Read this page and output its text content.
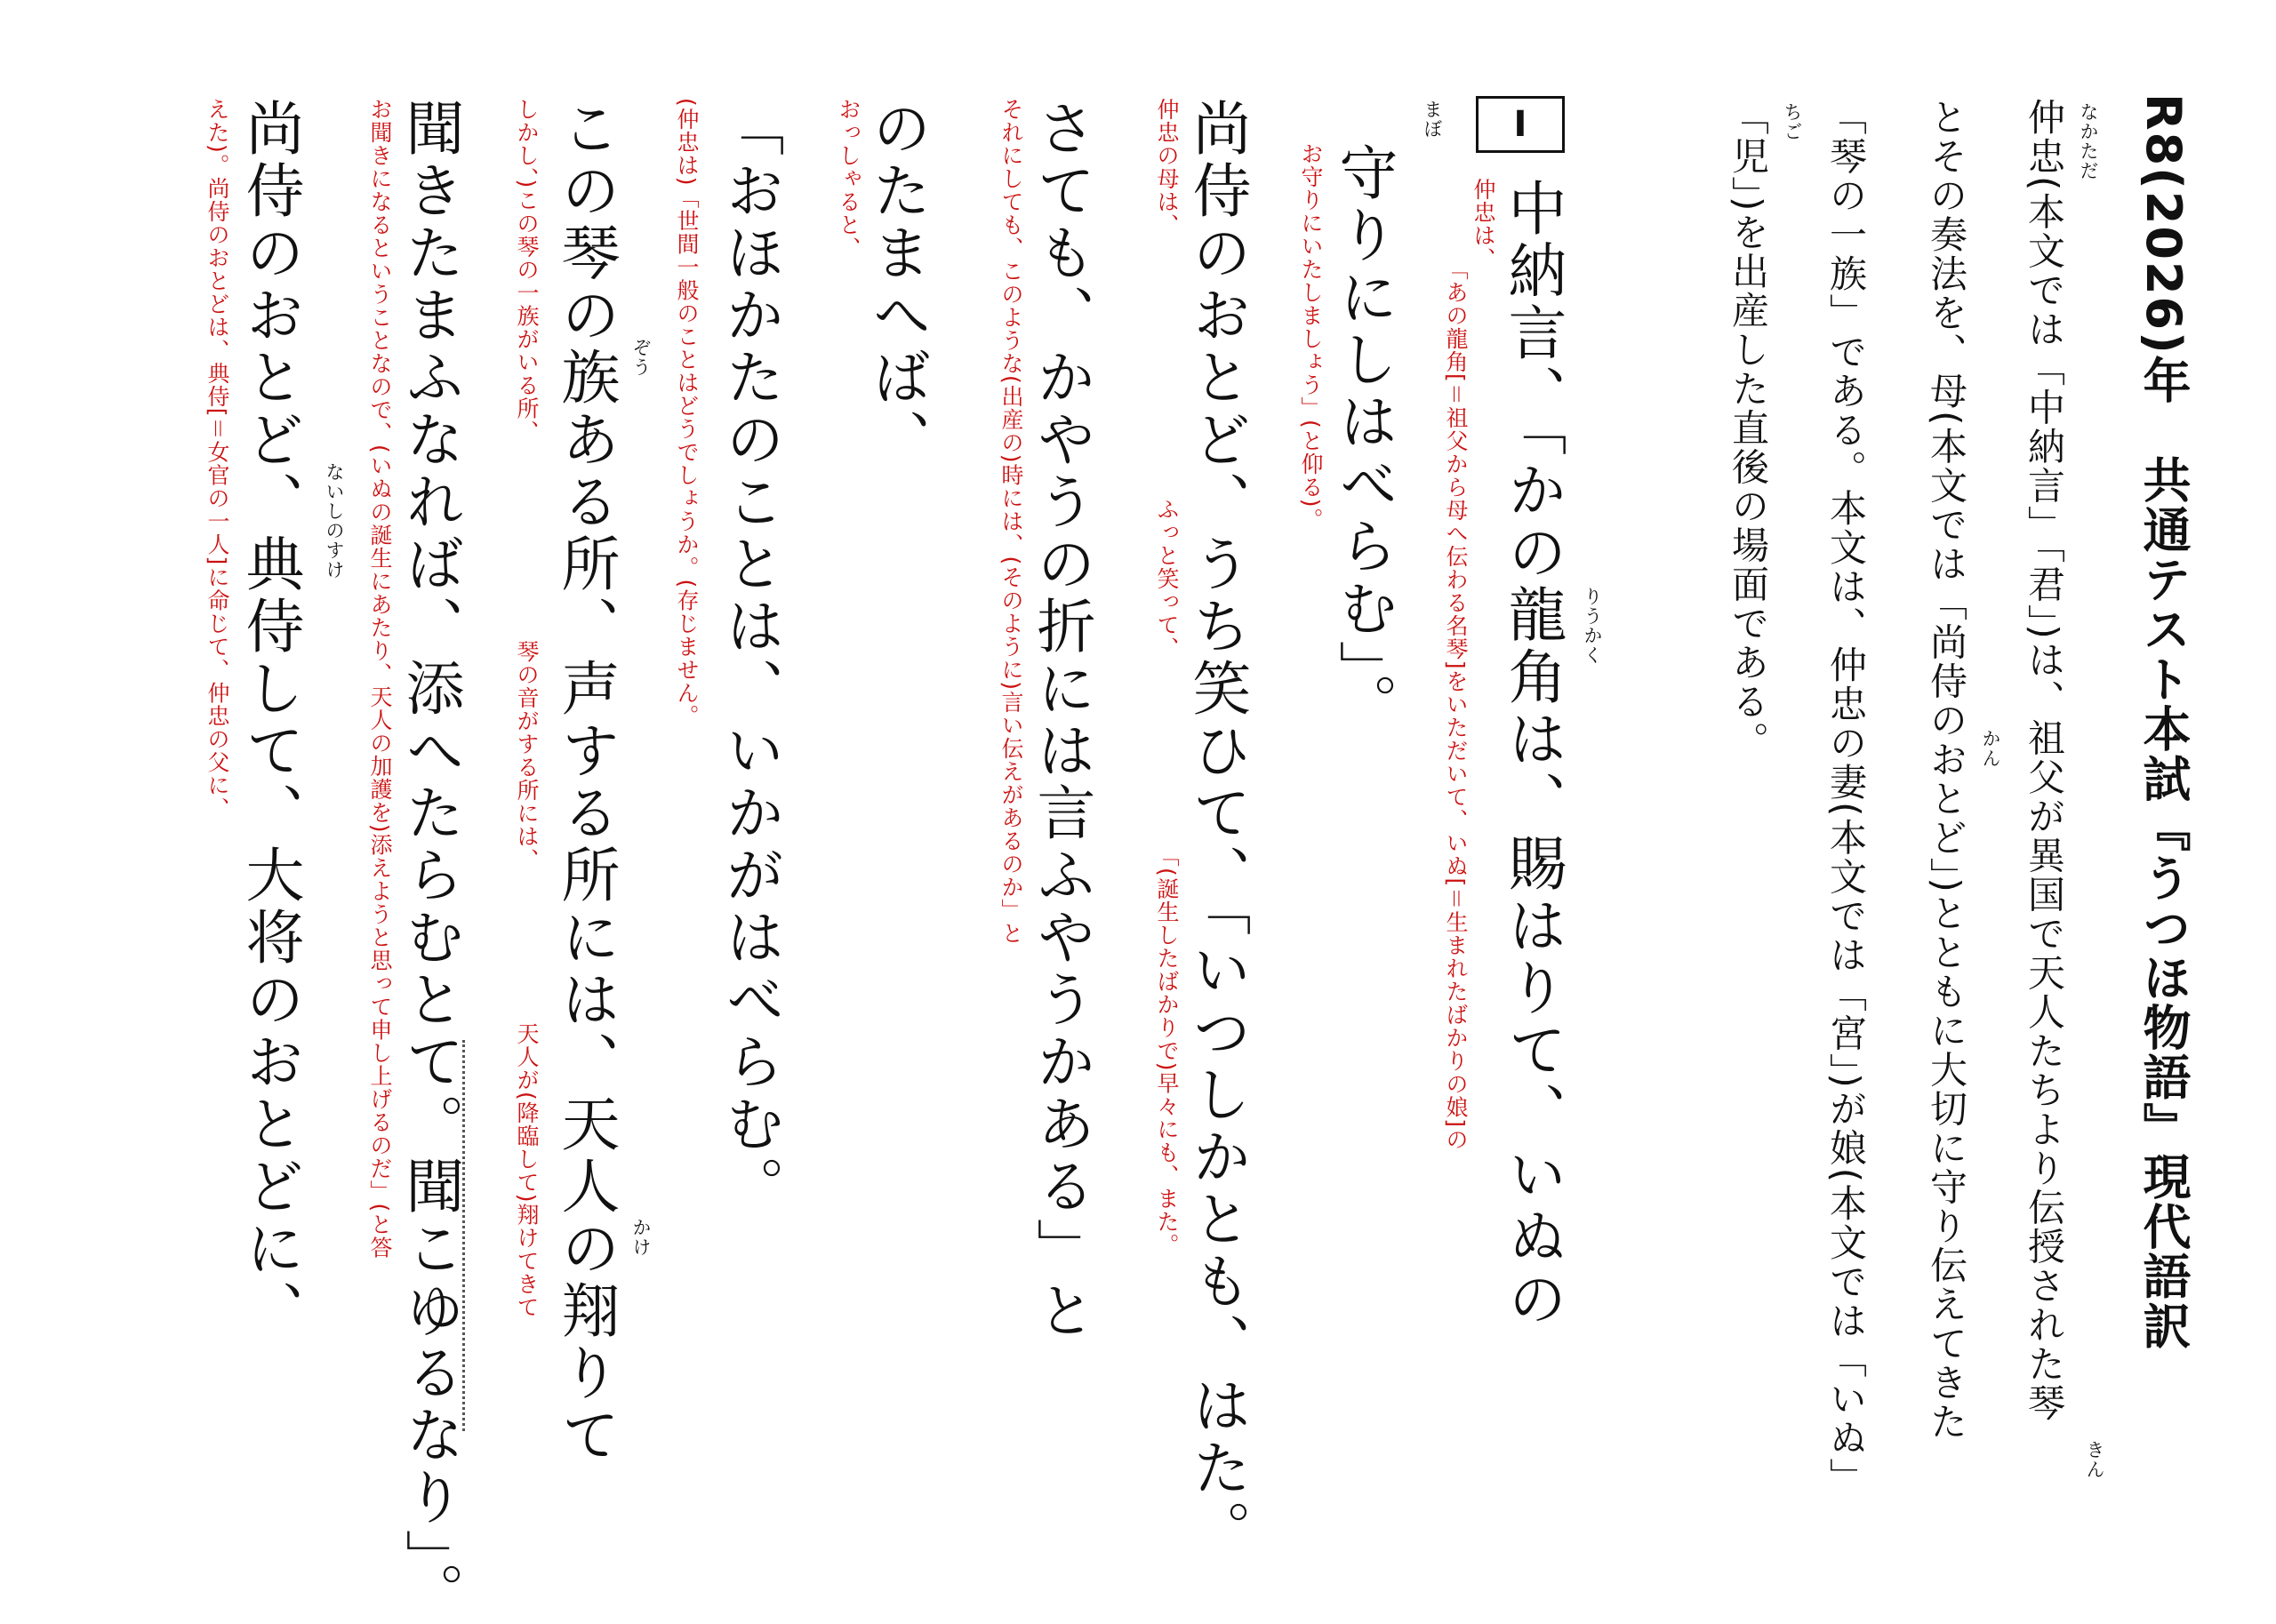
R8(2026)年　共通テスト本試『うつほ物語』現代語訳
なかただ
きん
仲忠(本文では「中納言」「君」)は、祖父が異国で天人たちより伝授された琴
かん
とその奏法を、母(本文では「尚侍のおとど」)とともに大切に守り伝えてきた
「琴の一族」である。本文は、仲忠の妻(本文では「宮」)が娘(本文では「いぬ」
ちご
「児」)を出産した直後の場面である。
I
りうかく
中納言、「かの龍角は、賜はりて、いぬの
仲忠は、
「あの龍角[＝祖父から母へ伝わる名琴]をいただいて、いぬ[＝生まれたばかりの娘]の
まぼ
守りにしはべらむ」。
お守りにいたしましょう」(と仰る)。
尚侍のおとど、うち笑ひて、「いつしかとも、はた。
仲忠の母は、
ふっと笑って、
「(誕生したばかりで)早々にも、また。
さても、かやうの折には言ふやうかある」と
それにしても、このような(出産の)時には、(そのように)言い伝えがあるのか」と
のたまへば、
おっしゃると、
「おほかたのことは、いかがはべらむ。
(仲忠は)「世間一般のことはどうでしょうか。(存じません。
ぞう
この琴の族ある所、声する所には、天人の翔りて
しかし、)この琴の一族がいる所、
琴の音がする所には、
天人が(降臨して)翔けてきて	かけ
聞きたまふなれば、添へたらむとて。聞こゆるなり」。
お聞きになるということなので、(いぬの誕生にあたり、天人の加護を)添えようと思って申し上げるのだ」(と答
ないしのすけ
尚侍のおとど、典侍して、大将のおとどに、
えた)。尚侍のおとどは、典侍[＝女官の一人]に命じて、仲忠の父に、
